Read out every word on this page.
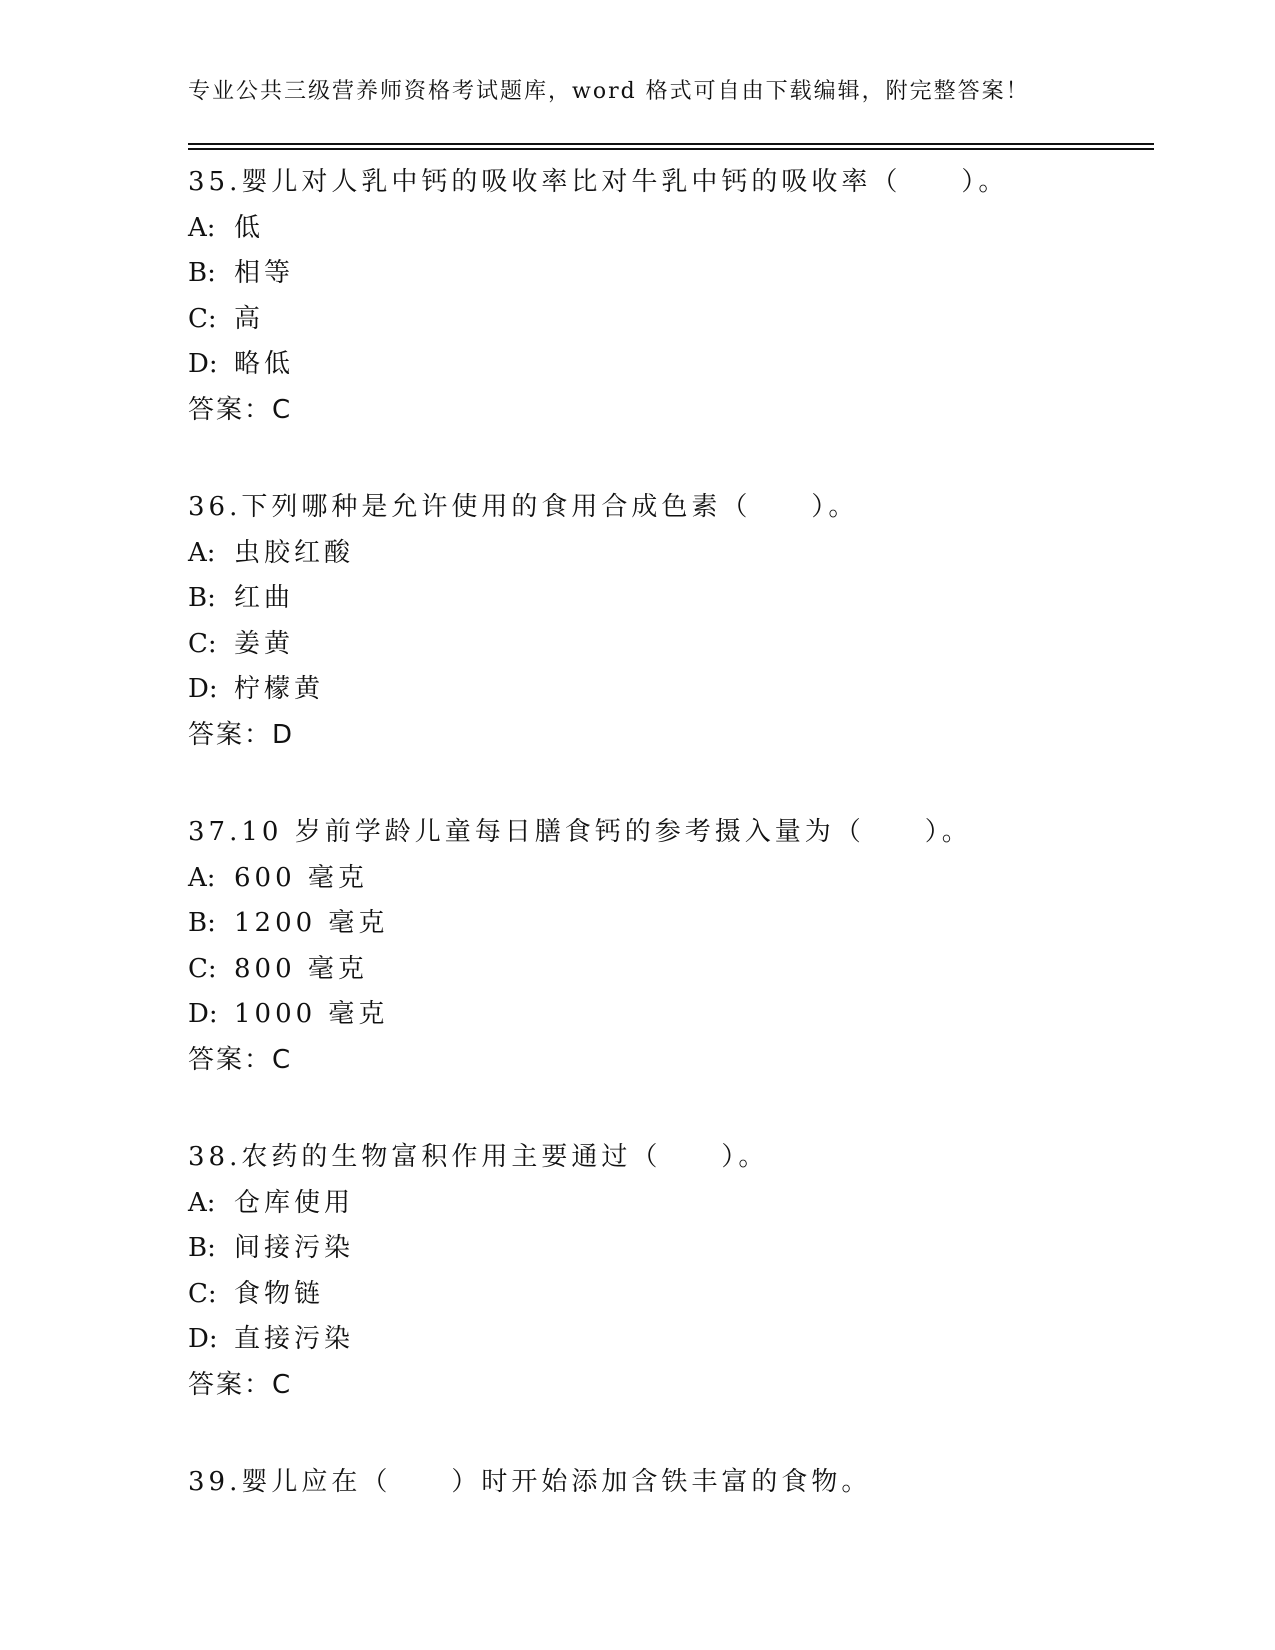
专业公共三级营养师资格考试题库，word 格式可自由下载编辑，附完整答案！
35.婴儿对人乳中钙的吸收率比对牛乳中钙的吸收率（　　）。
A: 低
B: 相等
C: 高
D: 略低
答案：C
36.下列哪种是允许使用的食用合成色素（　　）。
A: 虫胶红酸
B: 红曲
C: 姜黄
D: 柠檬黄
答案：D
37.10 岁前学龄儿童每日膳食钙的参考摄入量为（　　）。
A: 600 毫克
B: 1200 毫克
C: 800 毫克
D: 1000 毫克
答案：C
38.农药的生物富积作用主要通过（　　）。
A: 仓库使用
B: 间接污染
C: 食物链
D: 直接污染
答案：C
39.婴儿应在（　　）时开始添加含铁丰富的食物。
